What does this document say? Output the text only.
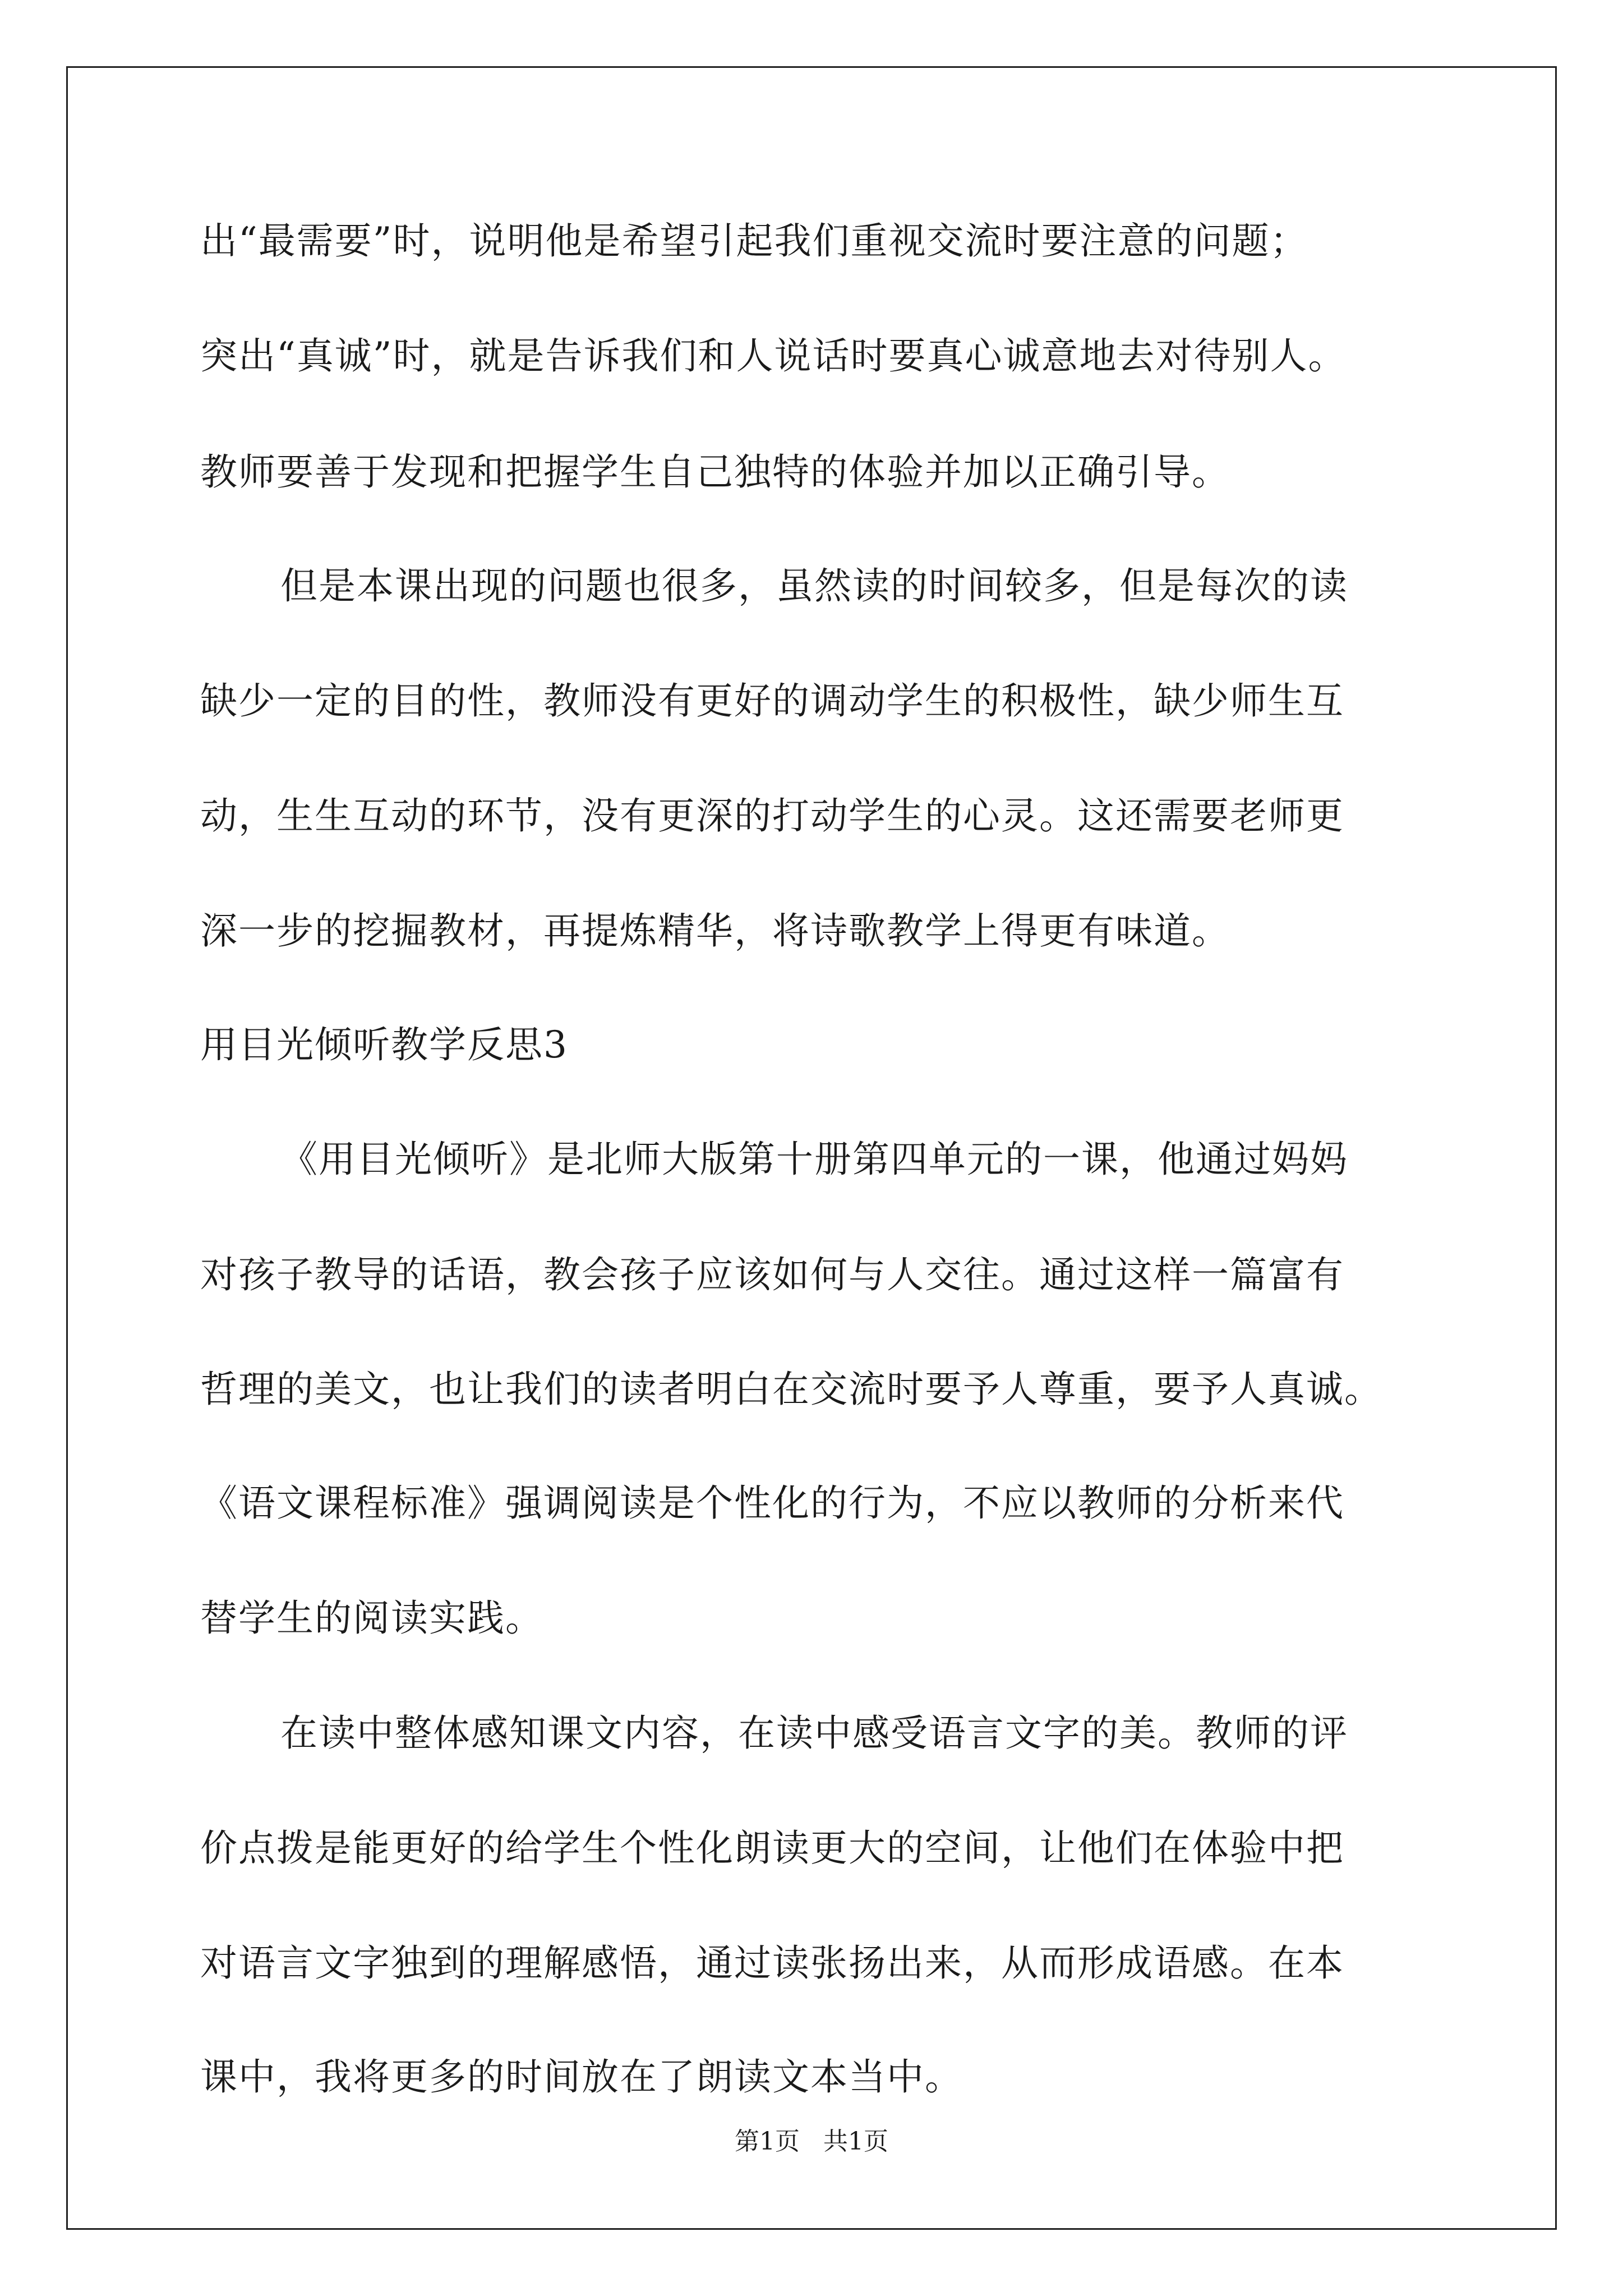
出“最需要”时，说明他是希望引起我们重视交流时要注意的问题；
突出“真诚”时，就是告诉我们和人说话时要真心诚意地去对待别人。
教师要善于发现和把握学生自己独特的体验并加以正确引导。
但是本课出现的问题也很多，虽然读的时间较多，但是每次的读
缺少一定的目的性，教师没有更好的调动学生的积极性，缺少师生互
动，生生互动的环节，没有更深的打动学生的心灵。这还需要老师更
深一步的挖掘教材，再提炼精华，将诗歌教学上得更有味道。
用目光倾听教学反思3
《用目光倾听》是北师大版第十册第四单元的一课，他通过妈妈
对孩子教导的话语，教会孩子应该如何与人交往。通过这样一篇富有
哲理的美文，也让我们的读者明白在交流时要予人尊重，要予人真诚。
《语文课程标准》强调阅读是个性化的行为，不应以教师的分析来代
替学生的阅读实践。
在读中整体感知课文内容，在读中感受语言文字的美。教师的评
价点拨是能更好的给学生个性化朗读更大的空间，让他们在体验中把
对语言文字独到的理解感悟，通过读张扬出来，从而形成语感。在本
课中，我将更多的时间放在了朗读文本当中。
第1页   共1页
